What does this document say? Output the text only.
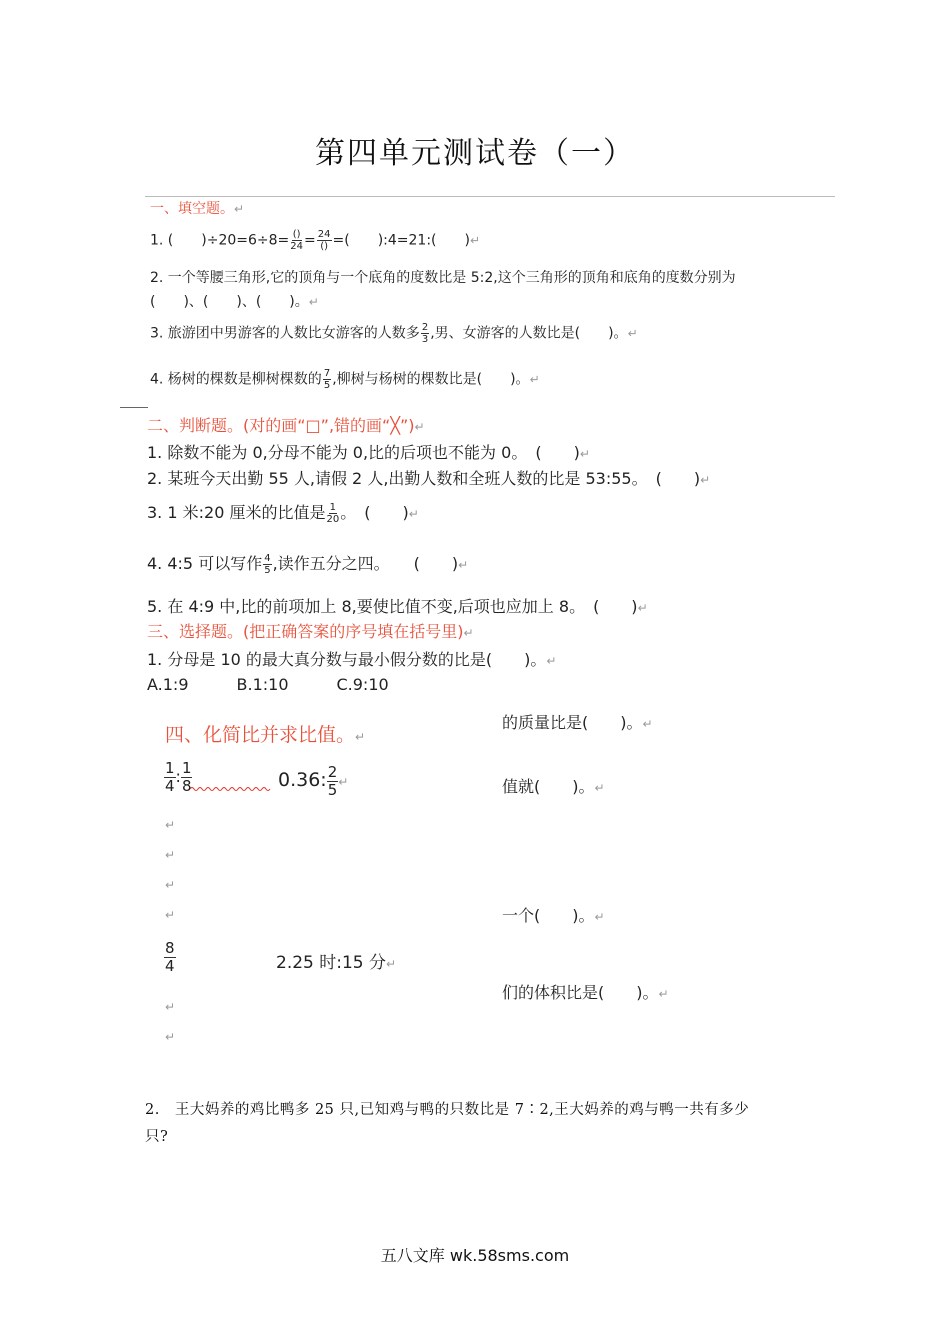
第四单元测试卷（一）
一、填空题。↵
1. (　　)$\div 20=6\div 8= \frac{()}{24} = \frac{24}{()}$ =(　　):4=21:(　　)↵
2. 一个等腰三角形,它的顶角与一个底角的度数比是 5:2,这个三角形的顶角和底角的度数分别为
(　　)、(　　)、(　　)。↵
3. 旅游团中男游客的人数比女游客的人数多 $\frac{2}{3}$ ,男、女游客的人数比是(　　)。↵
4. 杨树的棵数是柳树棵数的 $\frac{7}{5}$ ,柳树与杨树的棵数比是(　　)。↵
二、判断题。(对的画“□”,错的画“╳”)↵
1. 除数不能为 0,分母不能为 0,比的后项也不能为 0。　(　　)↵
2. 某班今天出勤 55 人,请假 2 人,出勤人数和全班人数的比是 53:55。　(　　)↵
3. 1 米:20 厘米的比值是 $\frac{1}{20}$ 。　(　　)↵
4. 4:5 可以写作 $\frac{4}{5}$ ,读作五分之四。　　(　　)↵
5. 在 4:9 中,比的前项加上 8,要使比值不变,后项也应加上 8。　(　　)↵
三、选择题。(把正确答案的序号填在括号里)↵
1. 分母是 10 的最大真分数与最小假分数的比是(　　)。↵
A.1:9　　　B.1:10　　　C.9:10
的质量比是(　　)。↵
值就(　　)。↵
一个(　　)。↵
们的体积比是(　　)。↵
四、化简比并求比值。↵
$\frac{1}{4}$ : $\frac{1}{8}$	0.36: $\frac{2}{5}$ ↵
↵
↵
↵
↵
$\frac{8}{4}$	2.25 时:15 分↵
↵
↵
2.　王大妈养的鸡比鸭多 25 只,已知鸡与鸭的只数比是 7∶2,王大妈养的鸡与鸭一共有多少
只?
五八文库 wk.58sms.com
